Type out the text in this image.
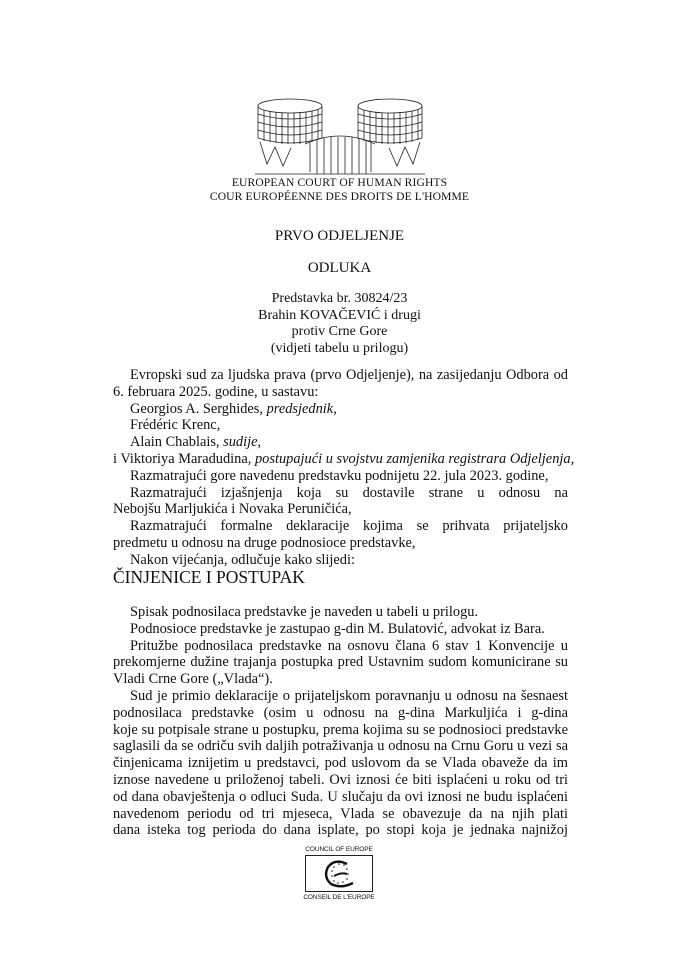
EUROPEAN COURT OF HUMAN RIGHTS
COUR EUROPÉENNE DES DROITS DE L'HOMME
PRVO ODJELJENJE
ODLUKA
Predstavka br. 30824/23
Brahin KOVAČEVIĆ i drugi
protiv Crne Gore
(vidjeti tabelu u prilogu)
Evropski sud za ljudska prava (prvo Odjeljenje), na zasijedanju Odbora od
6. februara 2025. godine, u sastavu:
Georgios A. Serghides, predsjednik,
Frédéric Krenc,
Alain Chablais, sudije,
i Viktoriya Maradudina, postupajući u svojstvu zamjenika registrara Odjeljenja,
Razmatrajući gore navedenu predstavku podnijetu 22. jula 2023. godine,
Razmatrajući izjašnjenja koja su dostavile strane u odnosu na
Nebojšu Marljukića i Novaka Peruničića,
Razmatrajući formalne deklaracije kojima se prihvata prijateljsko
predmetu u odnosu na druge podnosioce predstavke,
Nakon vijećanja, odlučuje kako slijedi:
ČINJENICE I POSTUPAK
Spisak podnosilaca predstavke je naveden u tabeli u prilogu.
Podnosioce predstavke je zastupao g-din M. Bulatović, advokat iz Bara.
Pritužbe podnosilaca predstavke na osnovu člana 6 stav 1 Konvencije u
prekomjerne dužine trajanja postupka pred Ustavnim sudom komunicirane su
Vladi Crne Gore („Vlada“).
Sud je primio deklaracije o prijateljskom poravnanju u odnosu na šesnaest
podnosilaca predstavke (osim u odnosu na g-dina Markuljića i g-dina
koje su potpisale strane u postupku, prema kojima su se podnosioci predstavke
saglasili da se odriču svih daljih potraživanja u odnosu na Crnu Goru u vezi sa
činjenicama iznijetim u predstavci, pod uslovom da se Vlada obaveže da im
iznose navedene u priloženoj tabeli. Ovi iznosi će biti isplaćeni u roku od tri
od dana obavještenja o odluci Suda. U slučaju da ovi iznosi ne budu isplaćeni
navedenom periodu od tri mjeseca, Vlada se obavezuje da na njih plati
dana isteka tog perioda do dana isplate, po stopi koja je jednaka najnižoj
COUNCIL OF EUROPE
CONSEIL DE L'EUROPE
